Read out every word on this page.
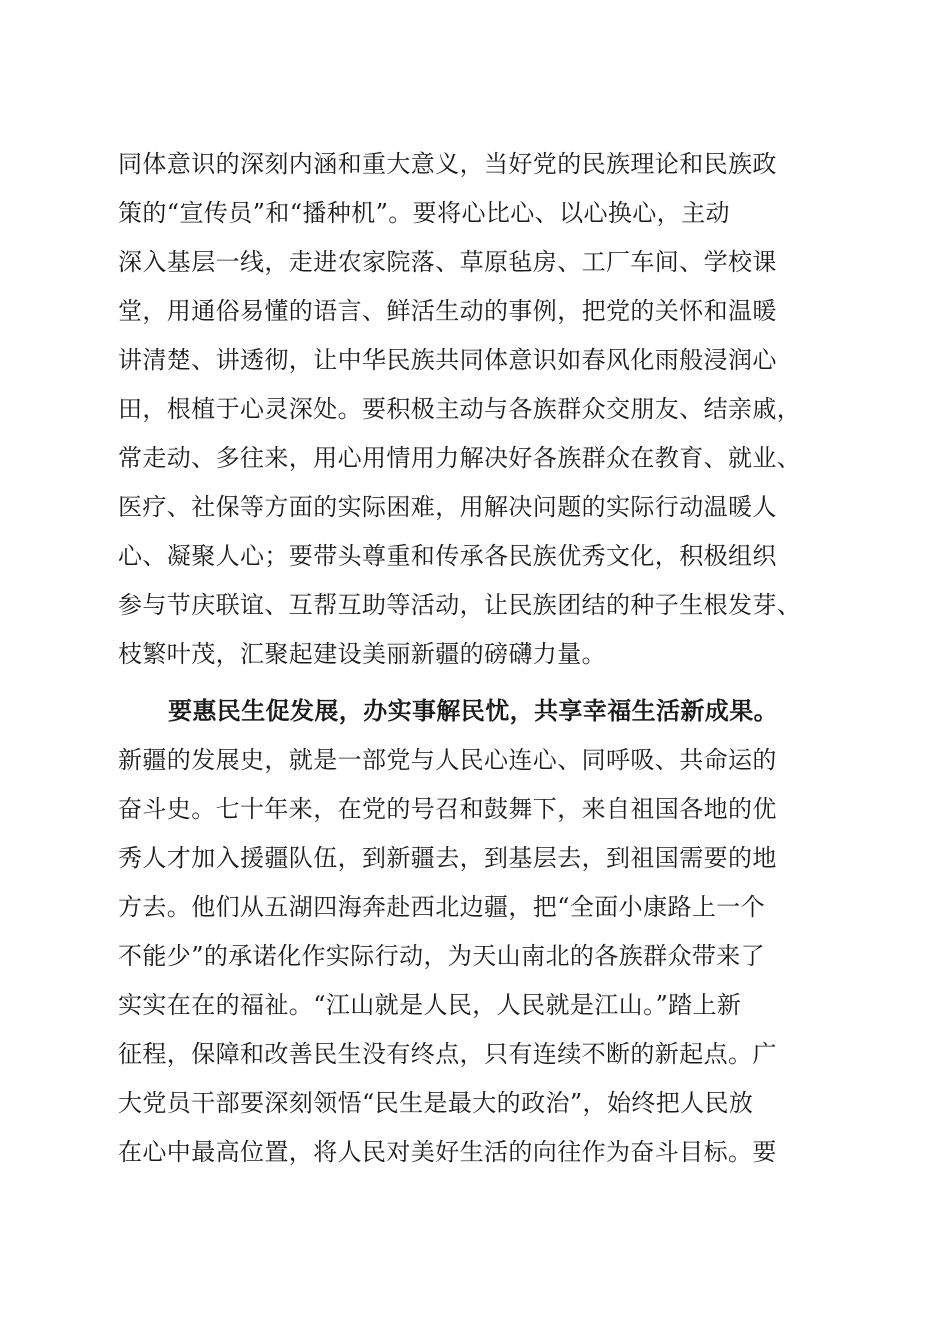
同体意识的深刻内涵和重大意义，当好党的民族理论和民族政
策的“宣传员”和“播种机”。要将心比心、以心换心，主动
深入基层一线，走进农家院落、草原毡房、工厂车间、学校课
堂，用通俗易懂的语言、鲜活生动的事例，把党的关怀和温暖
讲清楚、讲透彻，让中华民族共同体意识如春风化雨般浸润心
田，根植于心灵深处。要积极主动与各族群众交朋友、结亲戚，
常走动、多往来，用心用情用力解决好各族群众在教育、就业、
医疗、社保等方面的实际困难，用解决问题的实际行动温暖人
心、凝聚人心；要带头尊重和传承各民族优秀文化，积极组织
参与节庆联谊、互帮互助等活动，让民族团结的种子生根发芽、
枝繁叶茂，汇聚起建设美丽新疆的磅礴力量。
要惠民生促发展，办实事解民忧，共享幸福生活新成果。
新疆的发展史，就是一部党与人民心连心、同呼吸、共命运的
奋斗史。七十年来，在党的号召和鼓舞下，来自祖国各地的优
秀人才加入援疆队伍，到新疆去，到基层去，到祖国需要的地
方去。他们从五湖四海奔赴西北边疆，把“全面小康路上一个
不能少”的承诺化作实际行动，为天山南北的各族群众带来了
实实在在的福祉。“江山就是人民，人民就是江山。”踏上新
征程，保障和改善民生没有终点，只有连续不断的新起点。广
大党员干部要深刻领悟“民生是最大的政治”，始终把人民放
在心中最高位置，将人民对美好生活的向往作为奋斗目标。要
